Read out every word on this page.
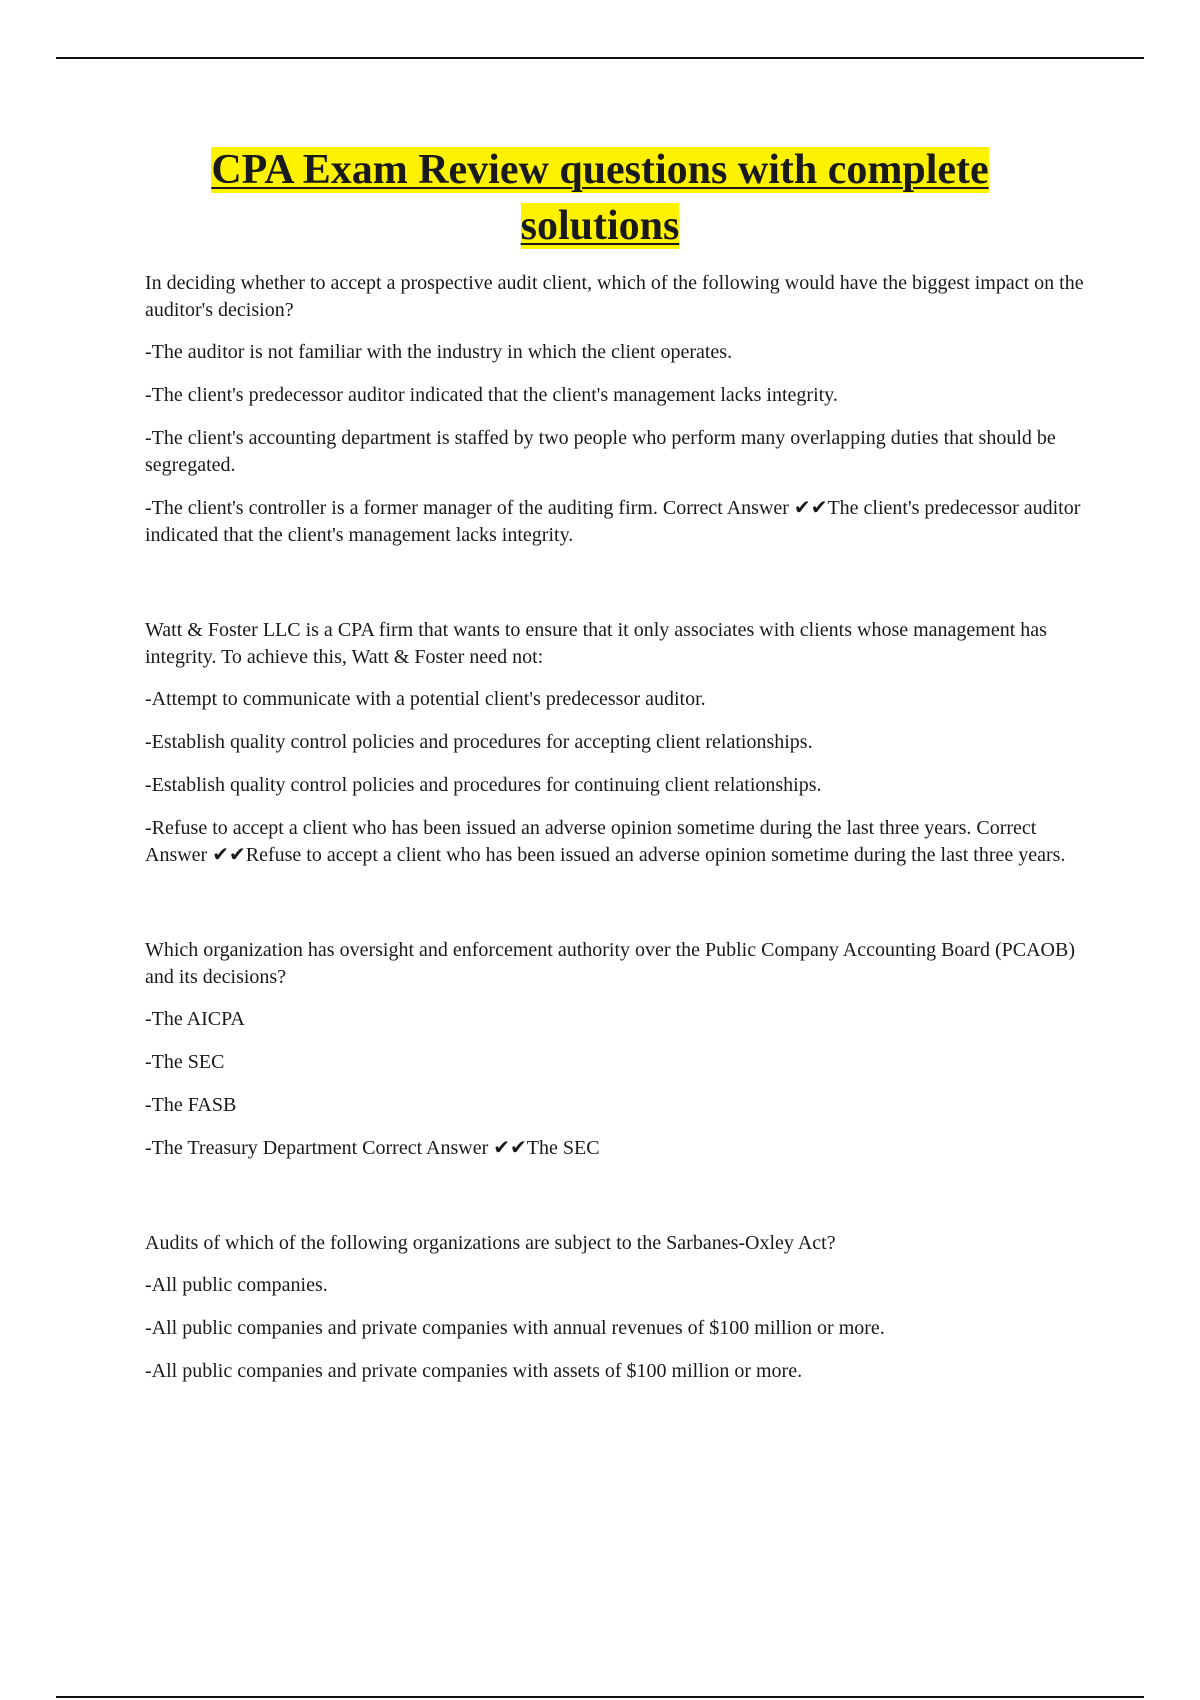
CPA Exam Review questions with complete solutions

In deciding whether to accept a prospective audit client, which of the following would have the biggest impact on the auditor's decision?

-The auditor is not familiar with the industry in which the client operates.

-The client's predecessor auditor indicated that the client's management lacks integrity.

-The client's accounting department is staffed by two people who perform many overlapping duties that should be segregated.

-The client's controller is a former manager of the auditing firm. Correct Answer ✔✔The client's predecessor auditor indicated that the client's management lacks integrity.

Watt & Foster LLC is a CPA firm that wants to ensure that it only associates with clients whose management has integrity. To achieve this, Watt & Foster need not:

-Attempt to communicate with a potential client's predecessor auditor.

-Establish quality control policies and procedures for accepting client relationships.

-Establish quality control policies and procedures for continuing client relationships.

-Refuse to accept a client who has been issued an adverse opinion sometime during the last three years. Correct Answer ✔✔Refuse to accept a client who has been issued an adverse opinion sometime during the last three years.

Which organization has oversight and enforcement authority over the Public Company Accounting Board (PCAOB) and its decisions?

-The AICPA

-The SEC

-The FASB

-The Treasury Department Correct Answer ✔✔The SEC

Audits of which of the following organizations are subject to the Sarbanes-Oxley Act?

-All public companies.

-All public companies and private companies with annual revenues of $100 million or more.

-All public companies and private companies with assets of $100 million or more.
